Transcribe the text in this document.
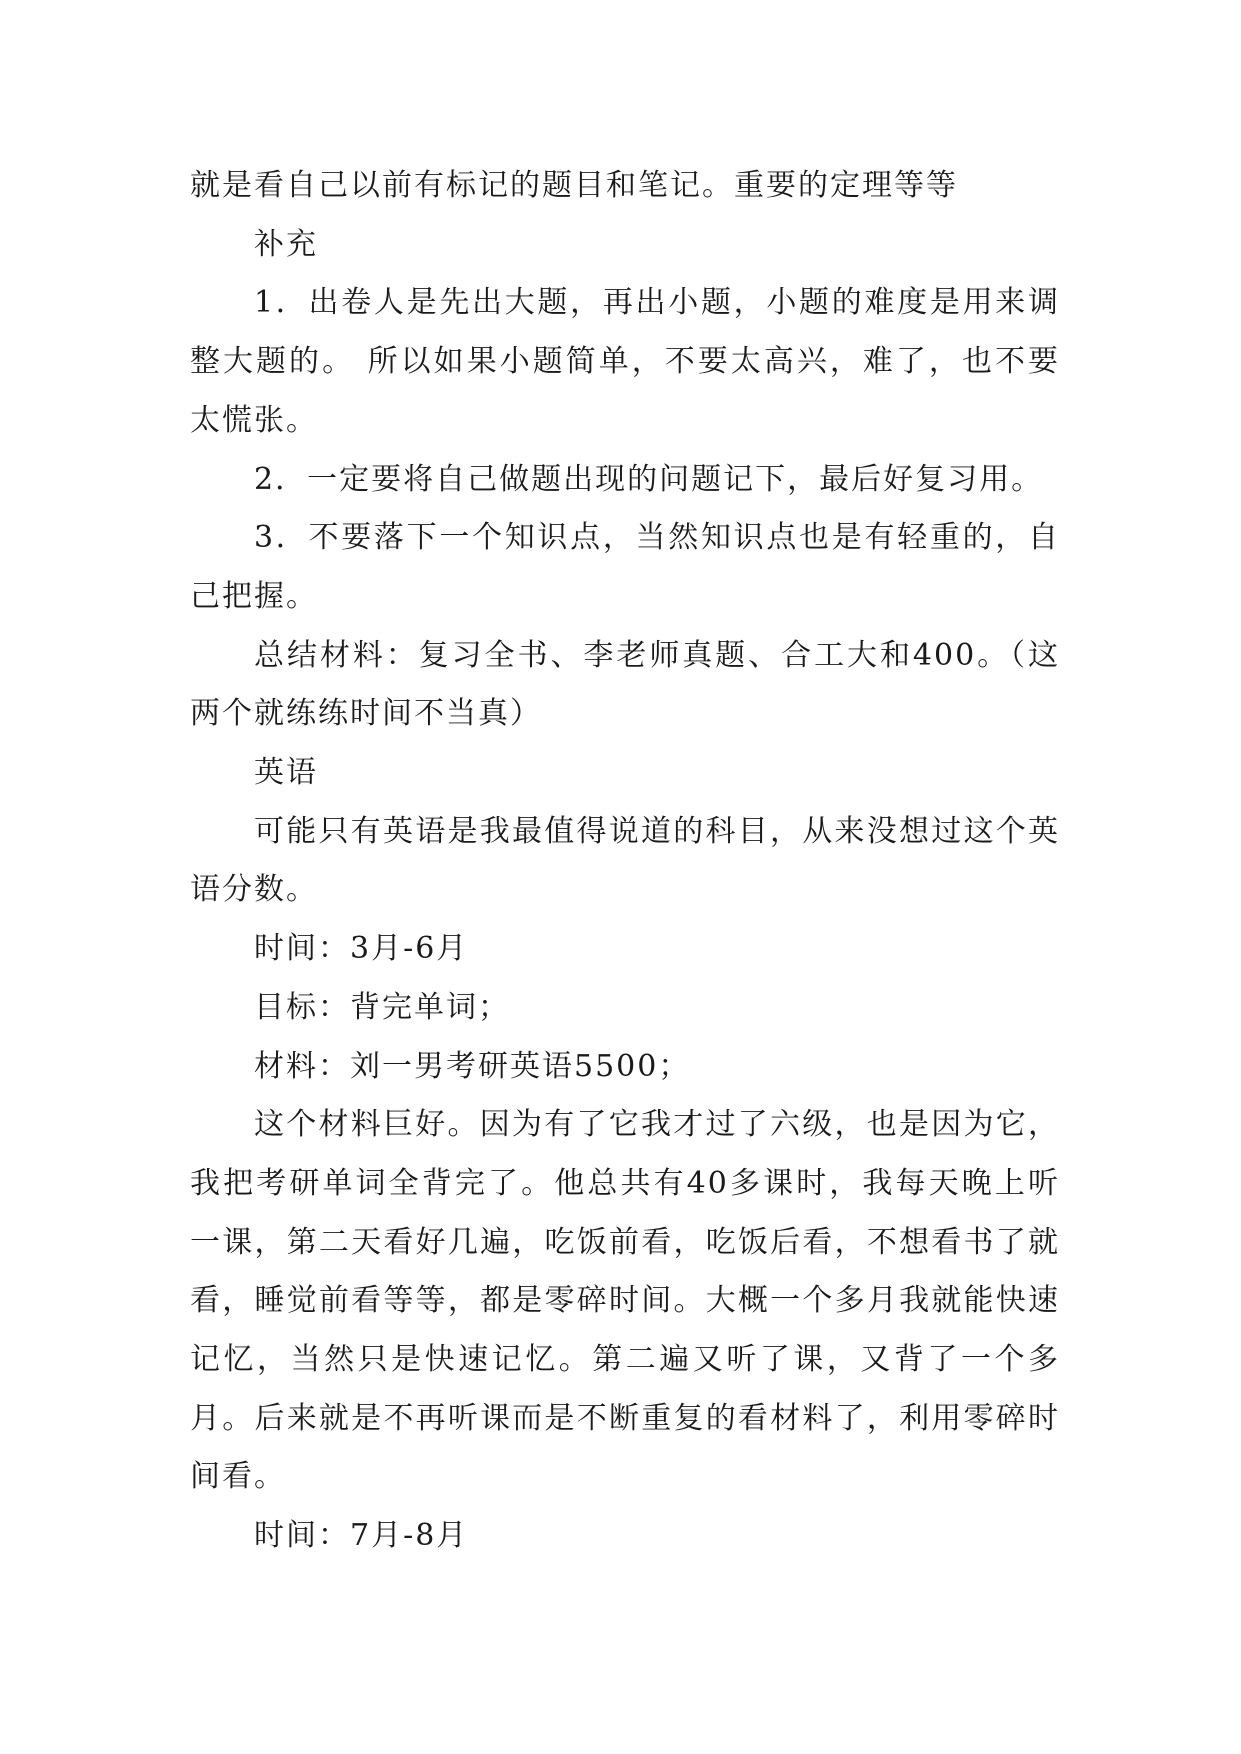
就是看自己以前有标记的题目和笔记。重要的定理等等

补充

1．出卷人是先出大题，再出小题，小题的难度是用来调整大题的。 所以如果小题简单，不要太高兴，难了，也不要太慌张。

2．一定要将自己做题出现的问题记下，最后好复习用。

3．不要落下一个知识点，当然知识点也是有轻重的，自己把握。

总结材料：复习全书、李老师真题、合工大和400。（这两个就练练时间不当真）

英语

可能只有英语是我最值得说道的科目，从来没想过这个英语分数。

时间：3月-6月

目标：背完单词；

材料：刘一男考研英语5500；

这个材料巨好。因为有了它我才过了六级，也是因为它，我把考研单词全背完了。他总共有40多课时，我每天晚上听一课，第二天看好几遍，吃饭前看，吃饭后看，不想看书了就看，睡觉前看等等，都是零碎时间。大概一个多月我就能快速记忆，当然只是快速记忆。第二遍又听了课，又背了一个多月。后来就是不再听课而是不断重复的看材料了，利用零碎时间看。

时间：7月-8月
